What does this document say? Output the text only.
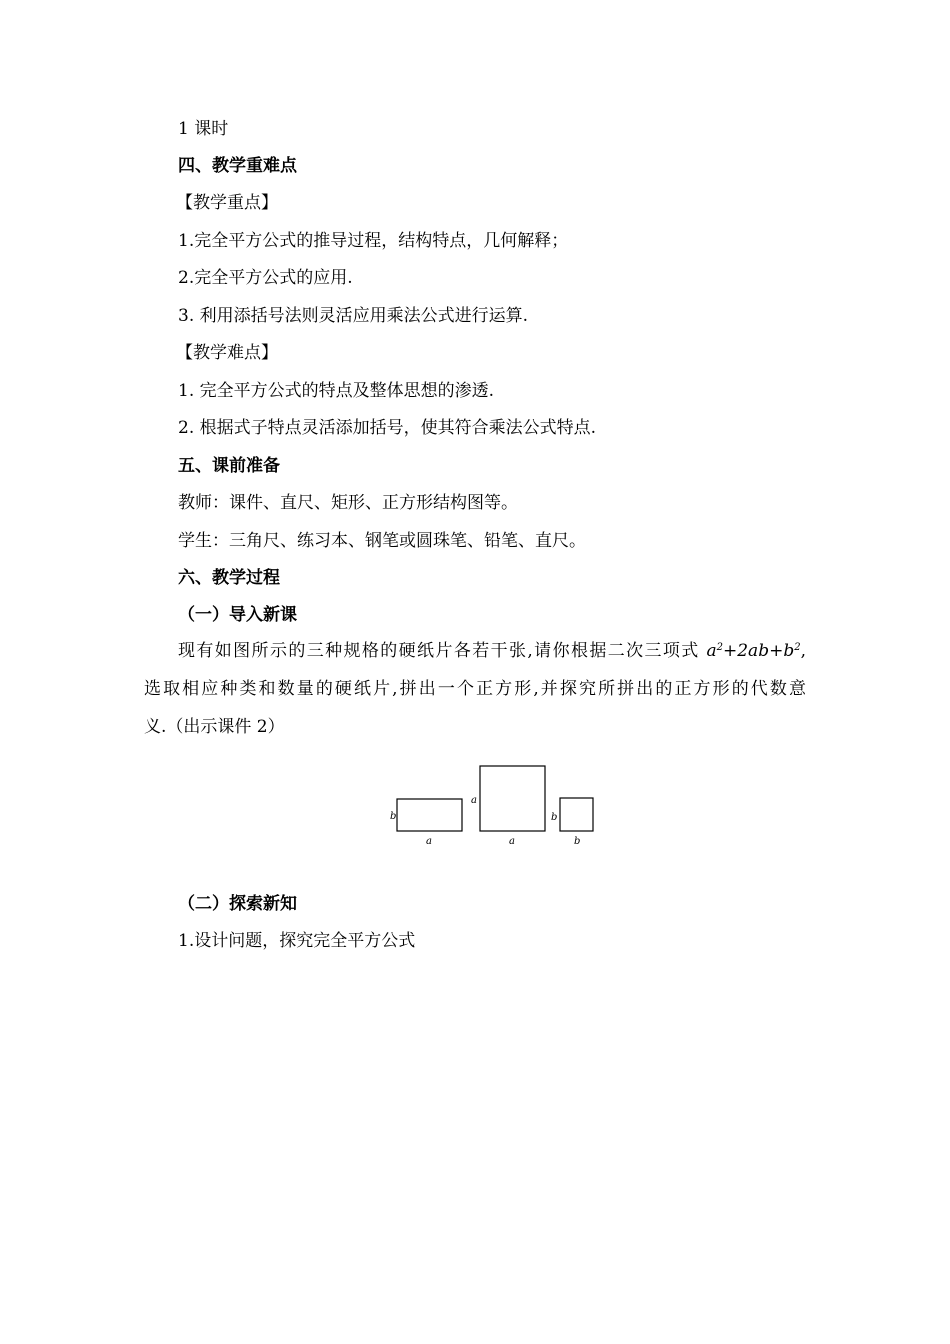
1 课时
四、教学重难点
【教学重点】
1.完全平方公式的推导过程，结构特点，几何解释；
2.完全平方公式的应用.
3. 利用添括号法则灵活应用乘法公式进行运算.
【教学难点】
1. 完全平方公式的特点及整体思想的渗透.
2. 根据式子特点灵活添加括号，使其符合乘法公式特点.
五、课前准备
教师：课件、直尺、矩形、正方形结构图等。
学生：三角尺、练习本、钢笔或圆珠笔、铅笔、直尺。
六、教学过程
（一）导入新课
现有如图所示的三种规格的硬纸片各若干张,请你根据二次三项式 $a^2+2ab+b^2$,
选取相应种类和数量的硬纸片,拼出一个正方形,并探究所拼出的正方形的代数意
义.（出示课件 2）
b
a
a
a
b
b
（二）探索新知
1.设计问题，探究完全平方公式
